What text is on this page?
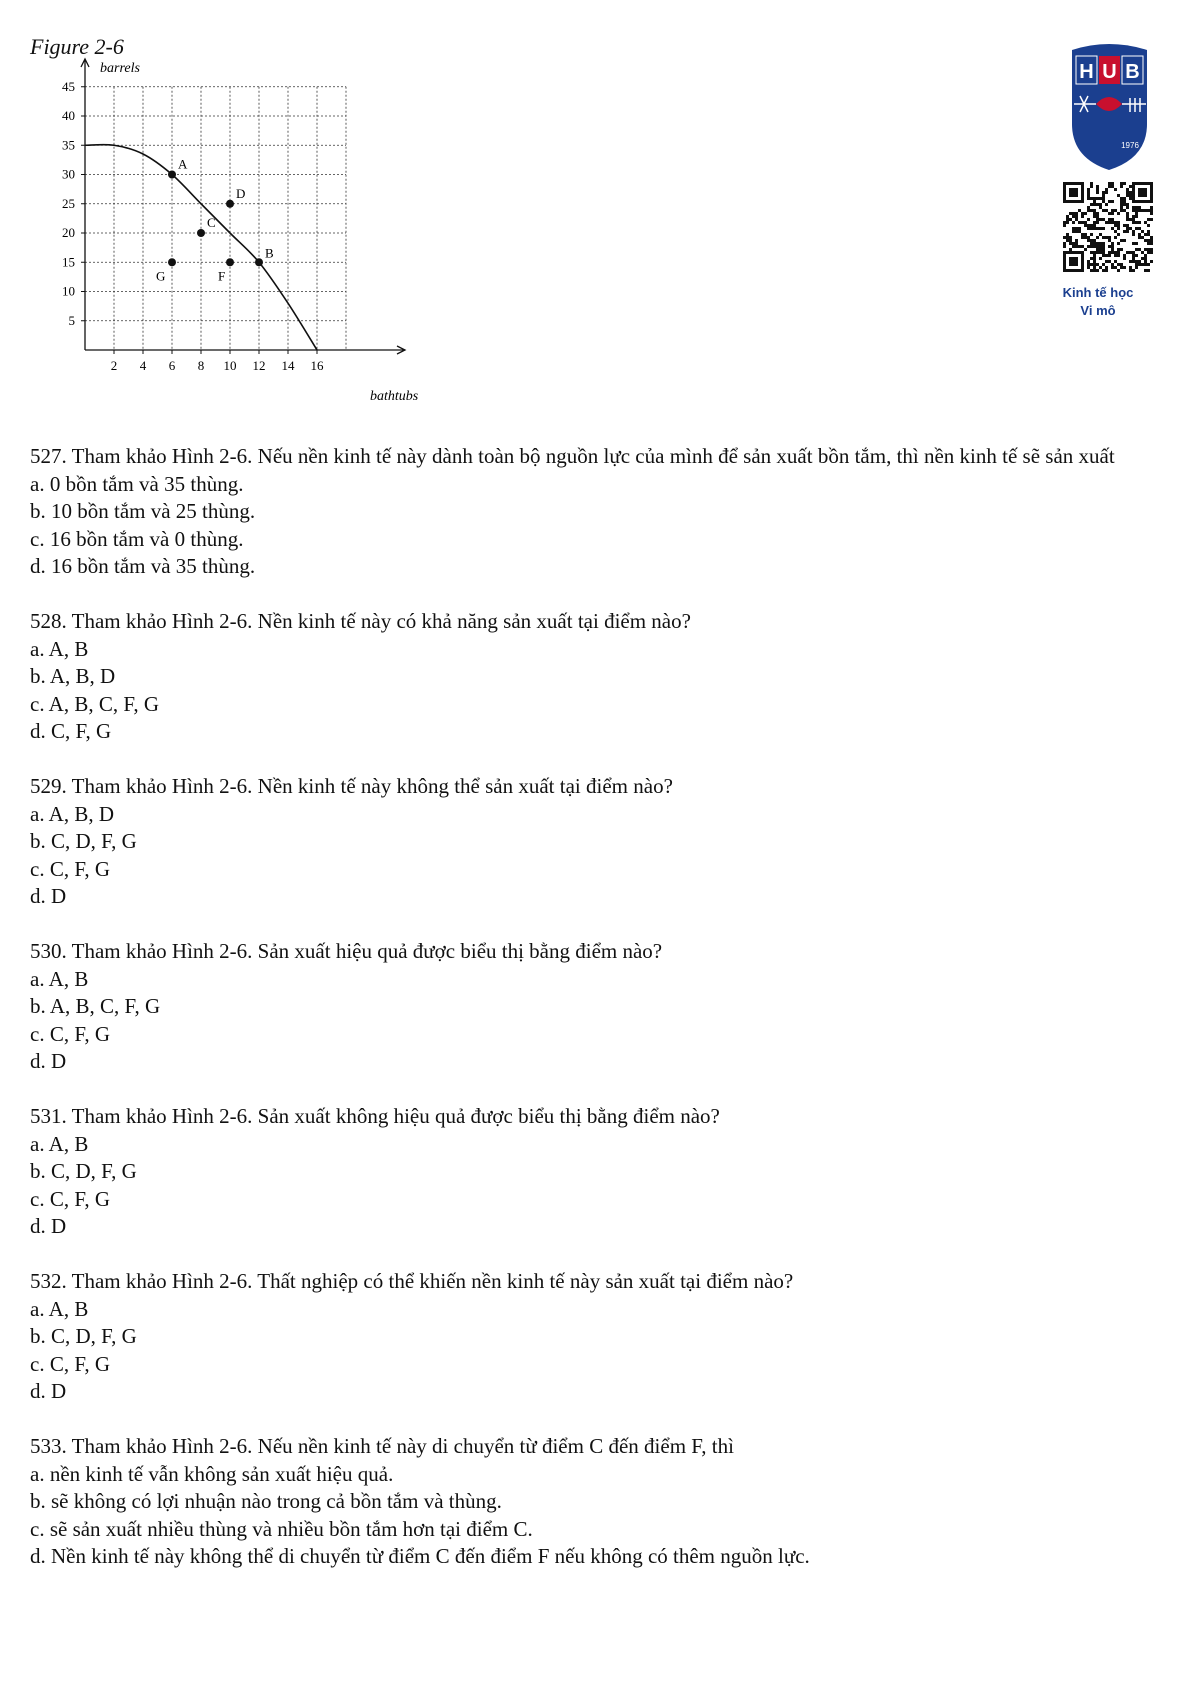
Figure 2-6
2 4 6 8 10 12 14 16
5
10
15
20
25
30
35
40
45
A
D
C
B
G	F
barrels
bathtubs
H U B
1976
Kinh tế học
Vi mô

527. Tham khảo Hình 2-6. Nếu nền kinh tế này dành toàn bộ nguồn lực của mình để sản xuất bồn tắm, thì nền kinh tế sẽ sản xuất

a. 0 bồn tắm và 35 thùng.

b. 10 bồn tắm và 25 thùng.

c. 16 bồn tắm và 0 thùng.

d. 16 bồn tắm và 35 thùng.

528. Tham khảo Hình 2-6. Nền kinh tế này có khả năng sản xuất tại điểm nào?

a. A, B

b. A, B, D

c. A, B, C, F, G

d. C, F, G

529. Tham khảo Hình 2-6. Nền kinh tế này không thể sản xuất tại điểm nào?

a. A, B, D

b. C, D, F, G

c. C, F, G

d. D

530. Tham khảo Hình 2-6. Sản xuất hiệu quả được biểu thị bằng điểm nào?

a. A, B

b. A, B, C, F, G

c. C, F, G

d. D

531. Tham khảo Hình 2-6. Sản xuất không hiệu quả được biểu thị bằng điểm nào?

a. A, B

b. C, D, F, G

c. C, F, G

d. D

532. Tham khảo Hình 2-6. Thất nghiệp có thể khiến nền kinh tế này sản xuất tại điểm nào?

a. A, B

b. C, D, F, G

c. C, F, G

d. D

533. Tham khảo Hình 2-6. Nếu nền kinh tế này di chuyển từ điểm C đến điểm F, thì

a. nền kinh tế vẫn không sản xuất hiệu quả.

b. sẽ không có lợi nhuận nào trong cả bồn tắm và thùng.

c. sẽ sản xuất nhiều thùng và nhiều bồn tắm hơn tại điểm C.

d. Nền kinh tế này không thể di chuyển từ điểm C đến điểm F nếu không có thêm nguồn lực.
